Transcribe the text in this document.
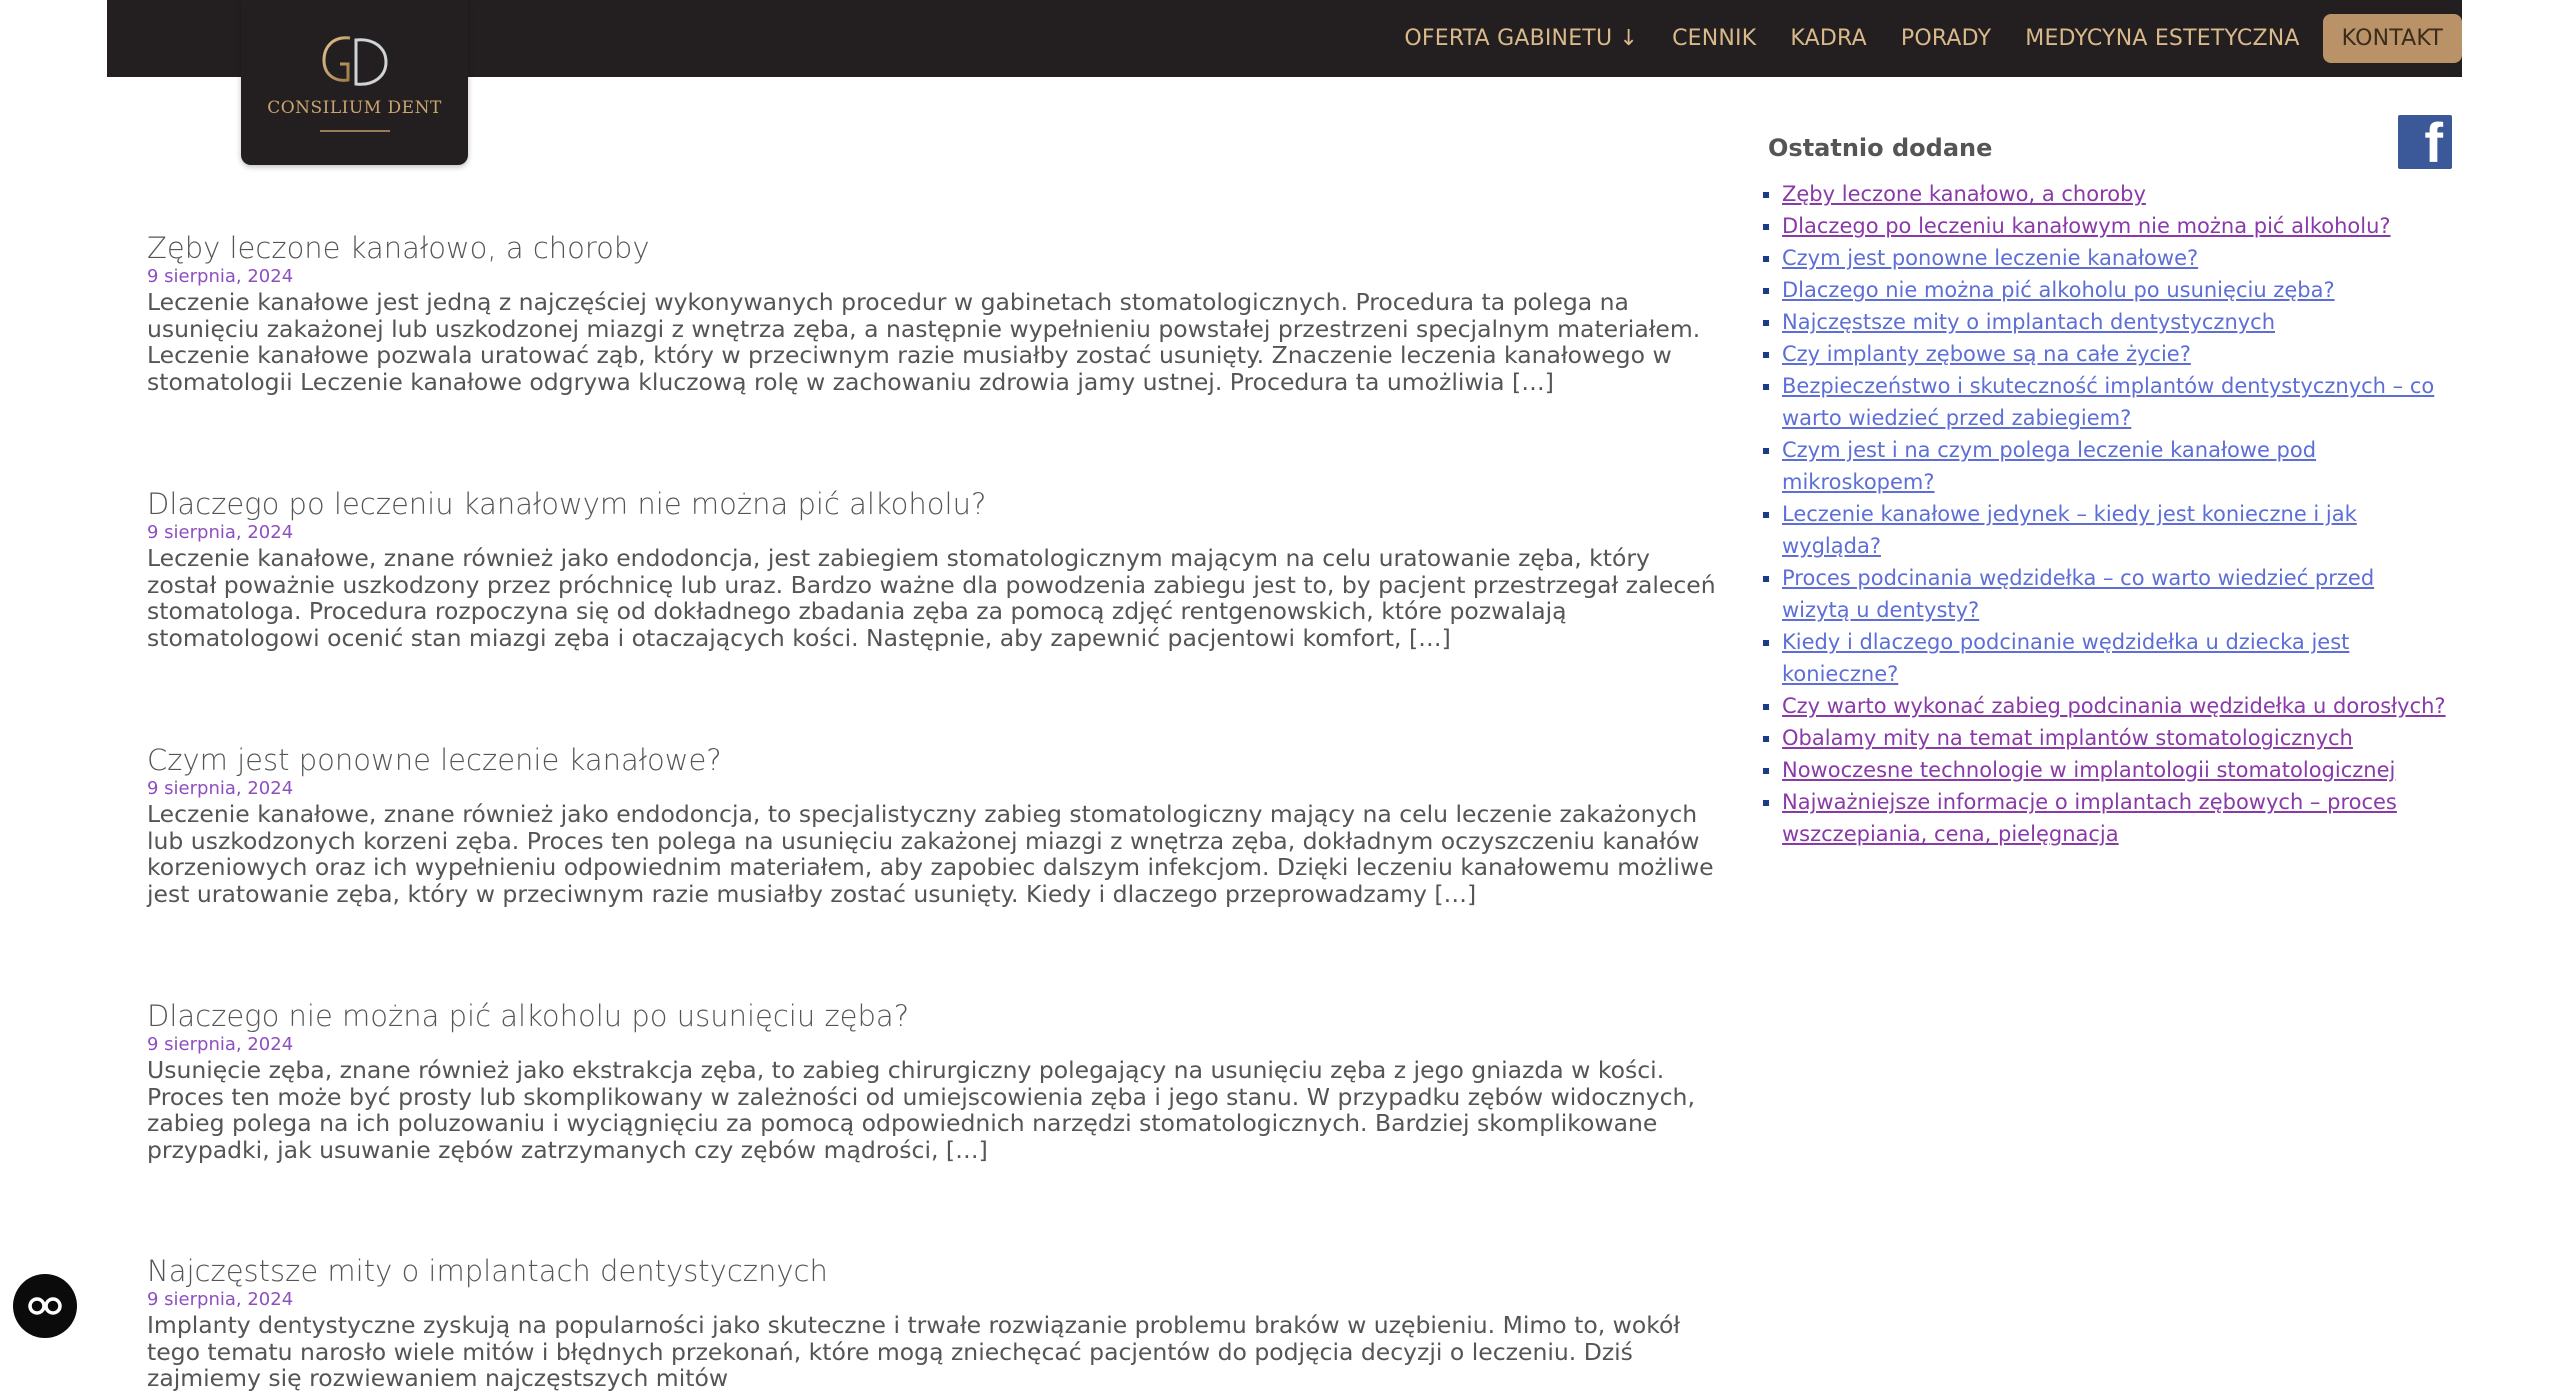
CONSILIUM DENT
OFERTA GABINETU ↓	CENNIK	KADRA	PORADY	MEDYCYNA ESTETYCZNA	KONTAKT
Zęby leczone kanałowo, a choroby
9 sierpnia, 2024
Leczenie kanałowe jest jedną z najczęściej wykonywanych procedur w gabinetach stomatologicznych. Procedura ta polega na usunięciu zakażonej lub uszkodzonej miazgi z wnętrza zęba, a następnie wypełnieniu powstałej przestrzeni specjalnym materiałem. Leczenie kanałowe pozwala uratować ząb, który w przeciwnym razie musiałby zostać usunięty. Znaczenie leczenia kanałowego w stomatologii Leczenie kanałowe odgrywa kluczową rolę w zachowaniu zdrowia jamy ustnej. Procedura ta umożliwia […]
Dlaczego po leczeniu kanałowym nie można pić alkoholu?
9 sierpnia, 2024
Leczenie kanałowe, znane również jako endodoncja, jest zabiegiem stomatologicznym mającym na celu uratowanie zęba, który został poważnie uszkodzony przez próchnicę lub uraz. Bardzo ważne dla powodzenia zabiegu jest to, by pacjent przestrzegał zaleceń stomatologa. Procedura rozpoczyna się od dokładnego zbadania zęba za pomocą zdjęć rentgenowskich, które pozwalają stomatologowi ocenić stan miazgi zęba i otaczających kości. Następnie, aby zapewnić pacjentowi komfort, […]
Czym jest ponowne leczenie kanałowe?
9 sierpnia, 2024
Leczenie kanałowe, znane również jako endodoncja, to specjalistyczny zabieg stomatologiczny mający na celu leczenie zakażonych lub uszkodzonych korzeni zęba. Proces ten polega na usunięciu zakażonej miazgi z wnętrza zęba, dokładnym oczyszczeniu kanałów korzeniowych oraz ich wypełnieniu odpowiednim materiałem, aby zapobiec dalszym infekcjom. Dzięki leczeniu kanałowemu możliwe jest uratowanie zęba, który w przeciwnym razie musiałby zostać usunięty. Kiedy i dlaczego przeprowadzamy […]
Dlaczego nie można pić alkoholu po usunięciu zęba?
9 sierpnia, 2024
Usunięcie zęba, znane również jako ekstrakcja zęba, to zabieg chirurgiczny polegający na usunięciu zęba z jego gniazda w kości. Proces ten może być prosty lub skomplikowany w zależności od umiejscowienia zęba i jego stanu. W przypadku zębów widocznych, zabieg polega na ich poluzowaniu i wyciągnięciu za pomocą odpowiednich narzędzi stomatologicznych. Bardziej skomplikowane przypadki, jak usuwanie zębów zatrzymanych czy zębów mądrości, […]
Najczęstsze mity o implantach dentystycznych
9 sierpnia, 2024
Implanty dentystyczne zyskują na popularności jako skuteczne i trwałe rozwiązanie problemu braków w uzębieniu. Mimo to, wokół tego tematu narosło wiele mitów i błędnych przekonań, które mogą zniechęcać pacjentów do podjęcia decyzji o leczeniu. Dziś zajmiemy się rozwiewaniem najczęstszych mitów
Ostatnio dodane
▪ Zęby leczone kanałowo, a choroby
▪ Dlaczego po leczeniu kanałowym nie można pić alkoholu?
▪ Czym jest ponowne leczenie kanałowe?
▪ Dlaczego nie można pić alkoholu po usunięciu zęba?
▪ Najczęstsze mity o implantach dentystycznych
▪ Czy implanty zębowe są na całe życie?
▪ Bezpieczeństwo i skuteczność implantów dentystycznych – co warto wiedzieć przed zabiegiem?
▪ Czym jest i na czym polega leczenie kanałowe pod mikroskopem?
▪ Leczenie kanałowe jedynek – kiedy jest konieczne i jak wygląda?
▪ Proces podcinania wędzidełka – co warto wiedzieć przed wizytą u dentysty?
▪ Kiedy i dlaczego podcinanie wędzidełka u dziecka jest konieczne?
▪ Czy warto wykonać zabieg podcinania wędzidełka u dorosłych?
▪ Obalamy mity na temat implantów stomatologicznych
▪ Nowoczesne technologie w implantologii stomatologicznej
▪ Najważniejsze informacje o implantach zębowych – proces wszczepiania, cena, pielęgnacja
f
